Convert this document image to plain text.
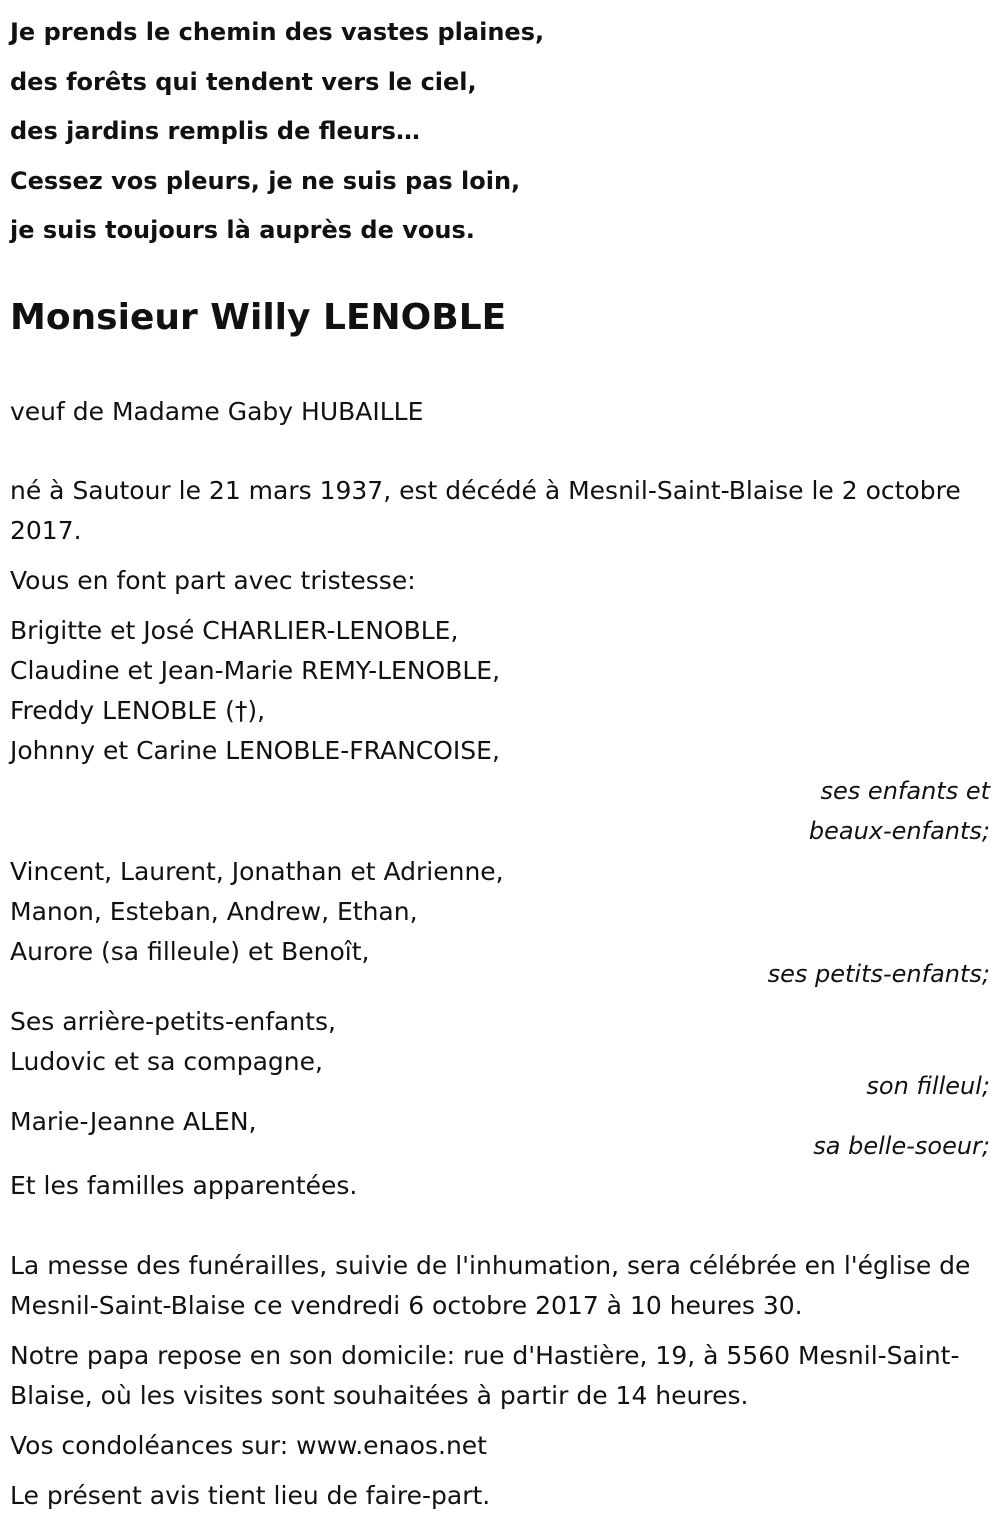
Je prends le chemin des vastes plaines,
des forêts qui tendent vers le ciel,
des jardins remplis de fleurs…
Cessez vos pleurs, je ne suis pas loin,
je suis toujours là auprès de vous.
Monsieur Willy LENOBLE

veuf de Madame Gaby HUBAILLE

né à Sautour le 21 mars 1937, est décédé à Mesnil-Saint-Blaise le 2 octobre 2017.

Vous en font part avec tristesse:

Brigitte et José CHARLIER-LENOBLE,
Claudine et Jean-Marie REMY-LENOBLE,
Freddy LENOBLE (†),
Johnny et Carine LENOBLE-FRANCOISE,
ses enfants et
beaux-enfants;
Vincent, Laurent, Jonathan et Adrienne,
Manon, Esteban, Andrew, Ethan,
Aurore (sa filleule) et Benoît,
ses petits-enfants;
Ses arrière-petits-enfants,
Ludovic et sa compagne,
son filleul;
Marie-Jeanne ALEN,
sa belle-soeur;

Et les familles apparentées.

La messe des funérailles, suivie de l'inhumation, sera célébrée en l'église de Mesnil-Saint-Blaise ce vendredi 6 octobre 2017 à 10 heures 30.

Notre papa repose en son domicile: rue d'Hastière, 19, à 5560 Mesnil-Saint-Blaise, où les visites sont souhaitées à partir de 14 heures.

Vos condoléances sur: www.enaos.net

Le présent avis tient lieu de faire-part.
